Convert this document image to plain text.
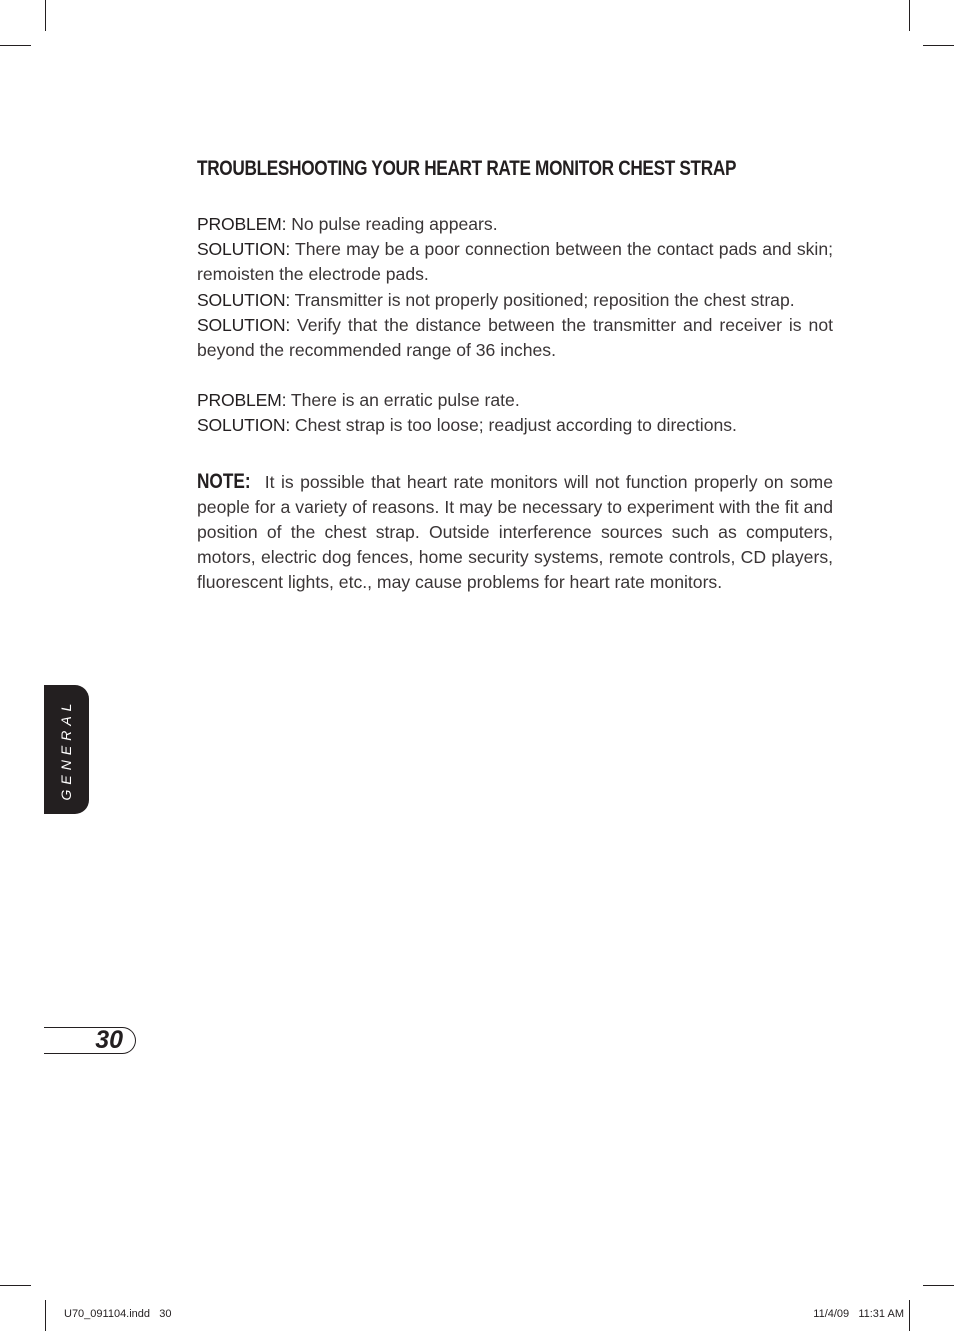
TROUBLESHOOTING YOUR HEART RATE MONITOR CHEST STRAP

PROBLEM: No pulse reading appears.
SOLUTION: There may be a poor connection between the contact pads and skin; remoisten the electrode pads.
SOLUTION: Transmitter is not properly positioned; reposition the chest strap.
SOLUTION: Verify that the distance between the transmitter and receiver is not beyond the recommended range of 36 inches.

PROBLEM: There is an erratic pulse rate.
SOLUTION: Chest strap is too loose; readjust according to directions.

NOTE: It is possible that heart rate monitors will not function properly on some people for a variety of reasons. It may be necessary to experiment with the fit and position of the chest strap. Outside interference sources such as computers, motors, electric dog fences, home security systems, remote controls, CD players, fluorescent lights, etc., may cause problems for heart rate monitors.

GENERAL
30
U70_091104.indd   30	11/4/09   11:31 AM
